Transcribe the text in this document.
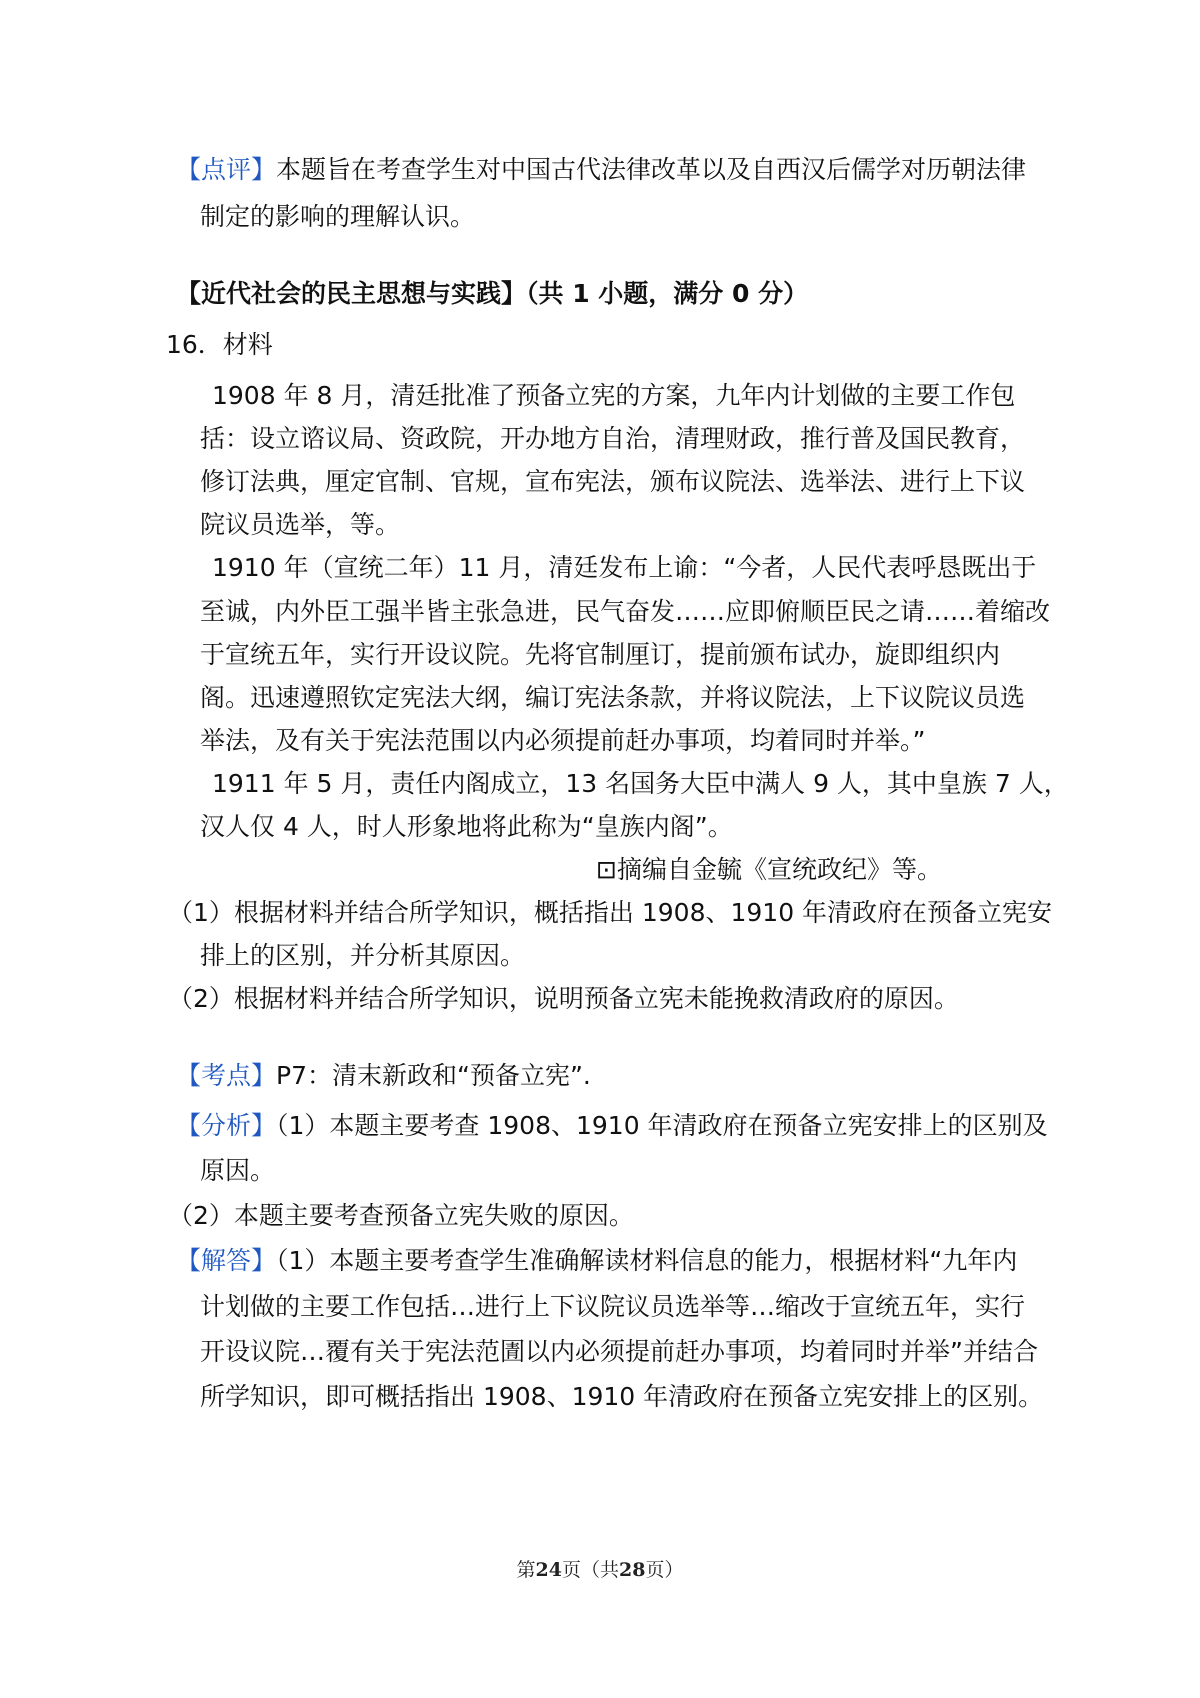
【点评】本题旨在考查学生对中国古代法律改革以及自西汉后儒学对历朝法律
制定的影响的理解认识。
【近代社会的民主思想与实践】（共 1 小题，满分 0 分）
16．材料
1908 年 8 月，清廷批准了预备立宪的方案，九年内计划做的主要工作包
括：设立谘议局、资政院，开办地方自治，清理财政，推行普及国民教育，
修订法典，厘定官制、官规，宣布宪法，颁布议院法、选举法、进行上下议
院议员选举，等。
1910 年（宣统二年）11 月，清廷发布上谕：“今者，人民代表呼恳既出于
至诚，内外臣工强半皆主张急进，民气奋发……应即俯顺臣民之请……着缩改
于宣统五年，实行开设议院。先将官制厘订，提前颁布试办，旋即组织内
阁。迅速遵照钦定宪法大纲，编订宪法条款，并将议院法，上下议院议员选
举法，及有关于宪法范围以内必须提前赶办事项，均着同时并举。”
1911 年 5 月，责任内阁成立，13 名国务大臣中满人 9 人，其中皇族 7 人，
汉人仅 4 人，时人形象地将此称为“皇族内阁”。
⊡摘编自金毓《宣统政纪》等。
（1）根据材料并结合所学知识，概括指出 1908、1910 年清政府在预备立宪安
排上的区别，并分析其原因。
（2）根据材料并结合所学知识，说明预备立宪未能挽救清政府的原因。
【考点】P7：清末新政和“预备立宪”.
【分析】（1）本题主要考查 1908、1910 年清政府在预备立宪安排上的区别及
原因。
（2）本题主要考查预备立宪失败的原因。
【解答】（1）本题主要考查学生准确解读材料信息的能力，根据材料“九年内
计划做的主要工作包括…进行上下议院议员选举等…缩改于宣统五年，实行
开设议院…覆有关于宪法范圊以内必须提前赶办事项，均着同时并举”并结合
所学知识，即可概括指出 1908、1910 年清政府在预备立宪安排上的区别。
第24页（共28页）
